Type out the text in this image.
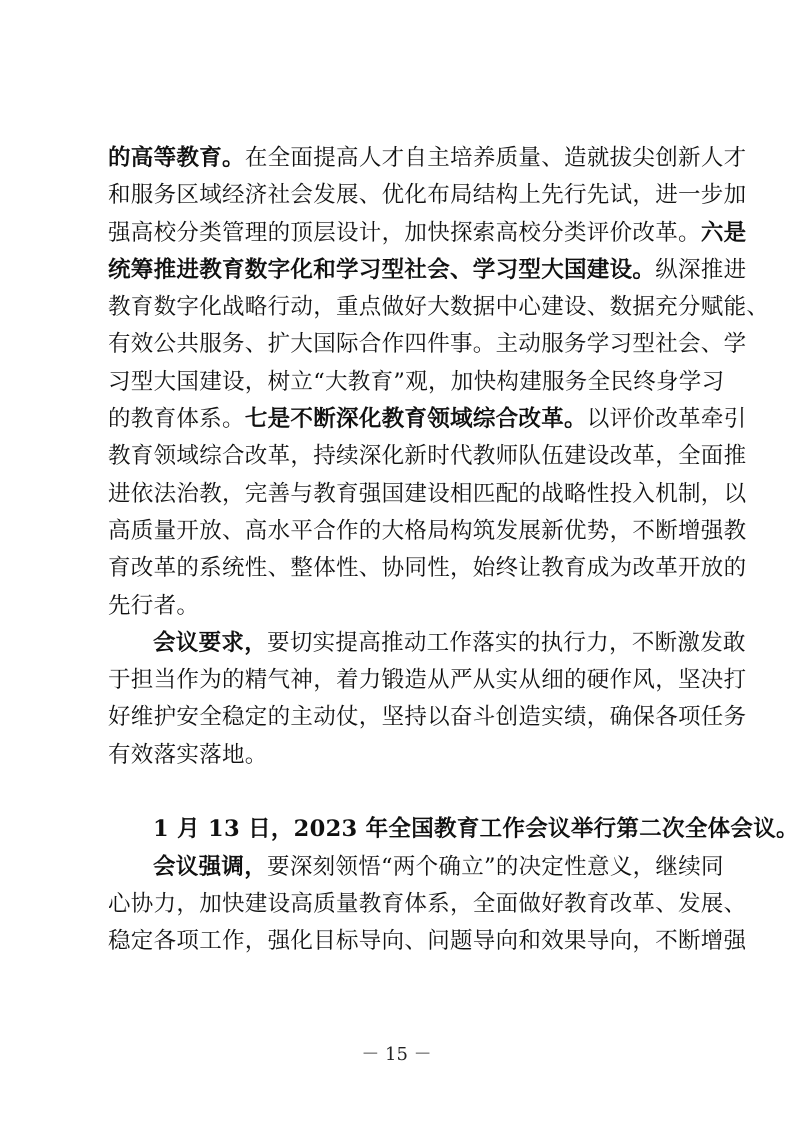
的高等教育。在全面提高人才自主培养质量、造就拔尖创新人才
和服务区域经济社会发展、优化布局结构上先行先试，进一步加
强高校分类管理的顶层设计，加快探索高校分类评价改革。六是
统筹推进教育数字化和学习型社会、学习型大国建设。纵深推进
教育数字化战略行动，重点做好大数据中心建设、数据充分赋能、
有效公共服务、扩大国际合作四件事。主动服务学习型社会、学
习型大国建设，树立“大教育”观，加快构建服务全民终身学习
的教育体系。七是不断深化教育领域综合改革。以评价改革牵引
教育领域综合改革，持续深化新时代教师队伍建设改革，全面推
进依法治教，完善与教育强国建设相匹配的战略性投入机制，以
高质量开放、高水平合作的大格局构筑发展新优势，不断增强教
育改革的系统性、整体性、协同性，始终让教育成为改革开放的
先行者。
会议要求，要切实提高推动工作落实的执行力，不断激发敢
于担当作为的精气神，着力锻造从严从实从细的硬作风，坚决打
好维护安全稳定的主动仗，坚持以奋斗创造实绩，确保各项任务
有效落实落地。
1 月 13 日，2023 年全国教育工作会议举行第二次全体会议。
会议强调，要深刻领悟“两个确立”的决定性意义，继续同
心协力，加快建设高质量教育体系，全面做好教育改革、发展、
稳定各项工作，强化目标导向、问题导向和效果导向，不断增强
－ 15 －
